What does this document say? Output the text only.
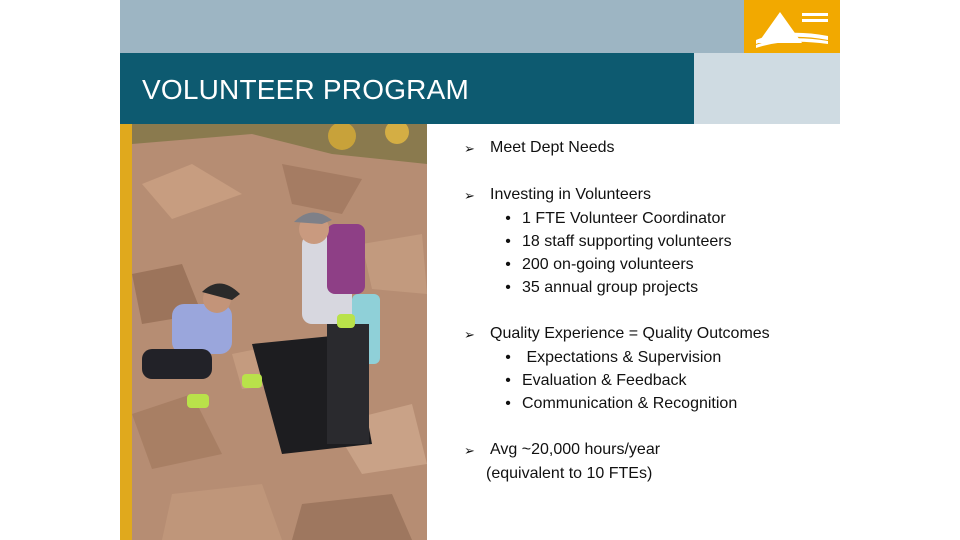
VOLUNTEER PROGRAM
➢ Meet Dept Needs
➢ Investing in Volunteers
• 1 FTE Volunteer Coordinator
• 18 staff supporting volunteers
• 200 on-going volunteers
• 35 annual group projects
➢ Quality Experience = Quality Outcomes
• Expectations & Supervision
• Evaluation & Feedback
• Communication & Recognition
➢ Avg ~20,000 hours/year
(equivalent to 10 FTEs)
